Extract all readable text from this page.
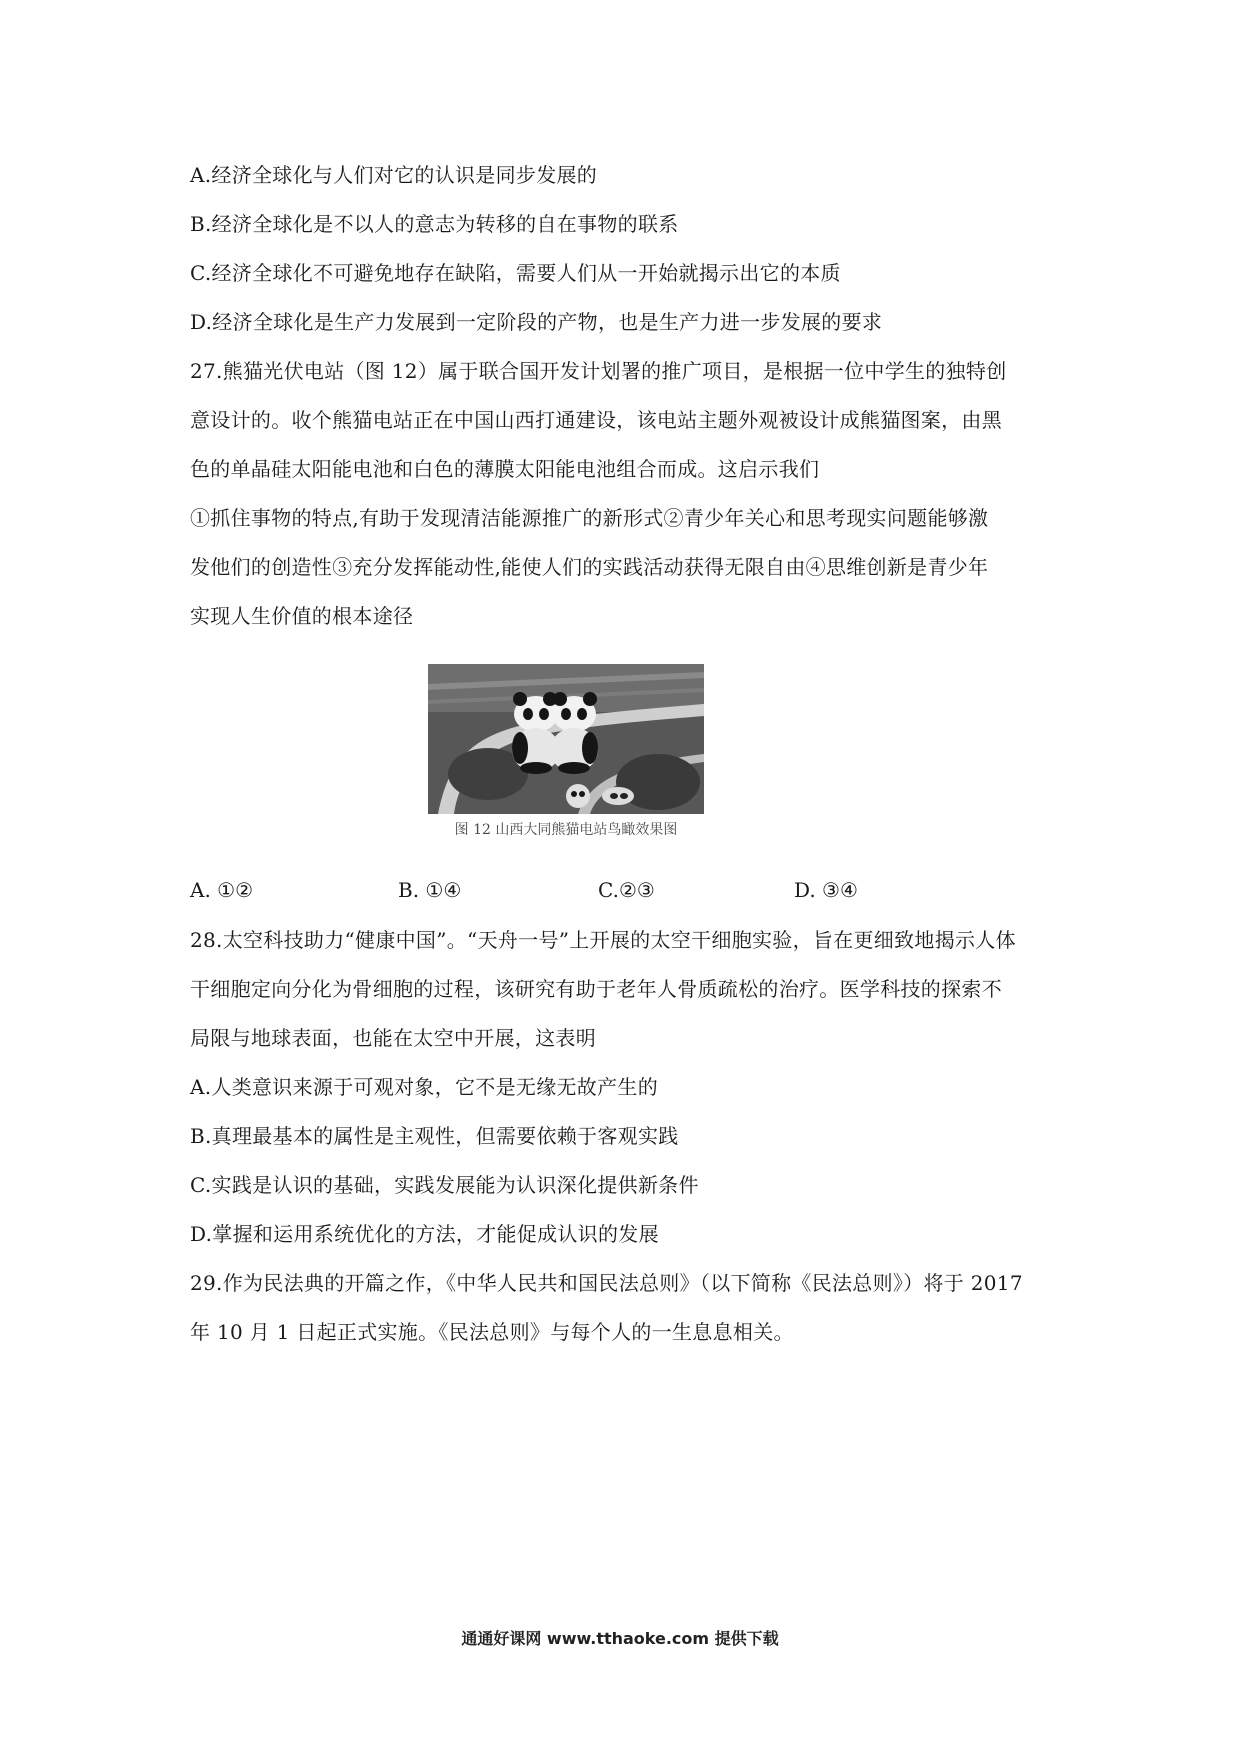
A.经济全球化与人们对它的认识是同步发展的
B.经济全球化是不以人的意志为转移的自在事物的联系
C.经济全球化不可避免地存在缺陷，需要人们从一开始就揭示出它的本质
D.经济全球化是生产力发展到一定阶段的产物，也是生产力进一步发展的要求
27.熊猫光伏电站（图 12）属于联合国开发计划署的推广项目，是根据一位中学生的独特创
意设计的。收个熊猫电站正在中国山西打通建设，该电站主题外观被设计成熊猫图案，由黑
色的单晶硅太阳能电池和白色的薄膜太阳能电池组合而成。这启示我们
①抓住事物的特点,有助于发现清洁能源推广的新形式②青少年关心和思考现实问题能够激
发他们的创造性③充分发挥能动性,能使人们的实践活动获得无限自由④思维创新是青少年
实现人生价值的根本途径
图 12 山西大同熊猫电站鸟瞰效果图
A. ①②	B. ①④	C.②③	D. ③④
28.太空科技助力“健康中国”。“天舟一号”上开展的太空干细胞实验，旨在更细致地揭示人体
干细胞定向分化为骨细胞的过程，该研究有助于老年人骨质疏松的治疗。医学科技的探索不
局限与地球表面，也能在太空中开展，这表明
A.人类意识来源于可观对象，它不是无缘无故产生的
B.真理最基本的属性是主观性，但需要依赖于客观实践
C.实践是认识的基础，实践发展能为认识深化提供新条件
D.掌握和运用系统优化的方法，才能促成认识的发展
29.作为民法典的开篇之作，《中华人民共和国民法总则》（以下简称《民法总则》）将于 2017
年 10 月 1 日起正式实施。《民法总则》与每个人的一生息息相关。
通通好课网 www.tthaoke.com 提供下载
